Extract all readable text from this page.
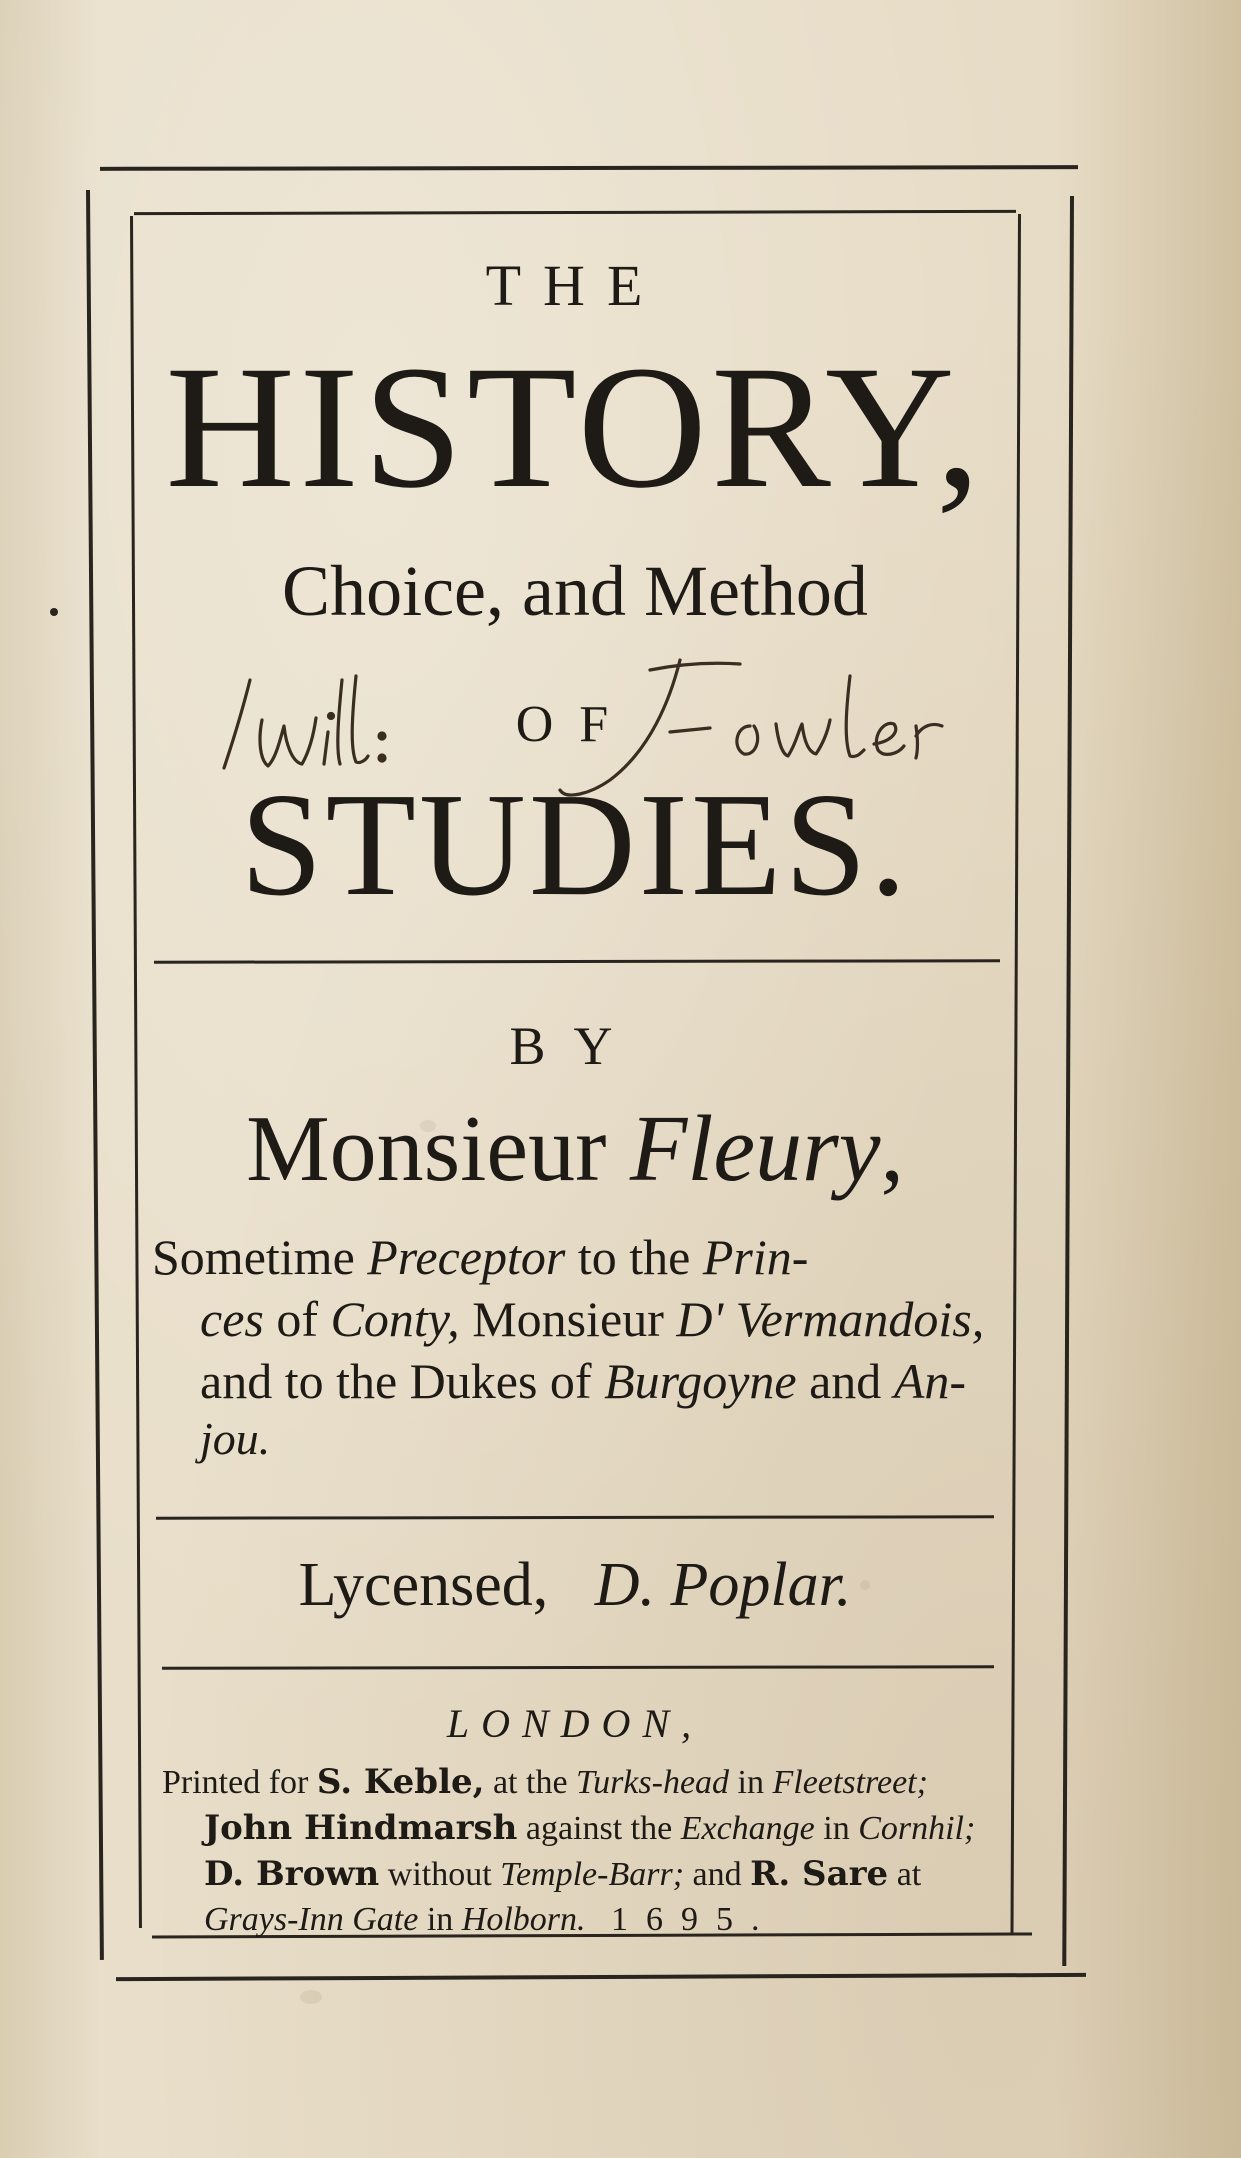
THE
HISTORY,
Choice, and Method
OF
STUDIES.
BY
Monsieur Fleury,
Sometime Preceptor to the Prin-
ces of Conty, Monsieur D' Vermandois,
and to the Dukes of Burgoyne and An-
jou.
Lycensed, D. Poplar.
LONDON,
Printed for S. Keble, at the Turks-head in Fleetstreet;
John Hindmarsh against the Exchange in Cornhil;
D. Brown without Temple-Barr; and R. Sare at
Grays-Inn Gate in Holborn. 1695.
